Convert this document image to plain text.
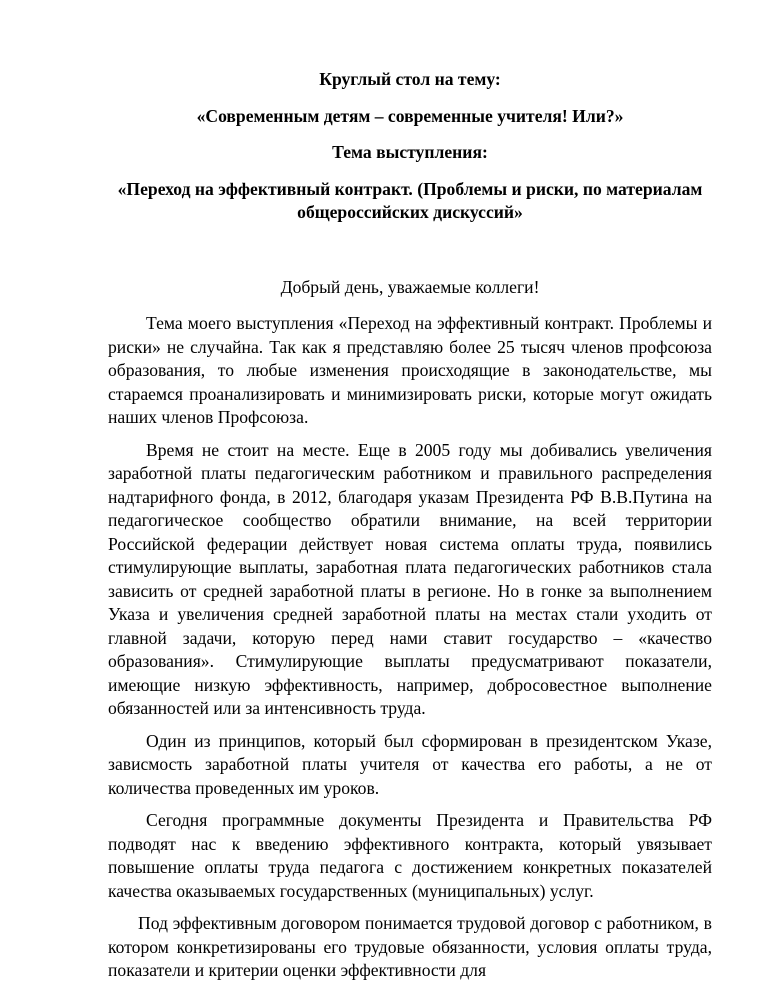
Круглый стол на тему:

«Современным детям – современные учителя! Или?»

Тема выступления:

«Переход на эффективный контракт. (Проблемы и риски, по материалам общероссийских дискуссий»

Добрый день, уважаемые коллеги!

Тема моего выступления «Переход на эффективный контракт. Проблемы и риски» не случайна. Так как я представляю более 25 тысяч членов профсоюза образования, то любые изменения происходящие в законодательстве, мы стараемся проанализировать и минимизировать риски, которые могут ожидать наших членов Профсоюза.

Время не стоит на месте. Еще в 2005 году мы добивались увеличения заработной платы педагогическим работником и правильного распределения надтарифного фонда, в 2012, благодаря указам Президента РФ В.В.Путина на педагогическое сообщество обратили внимание, на всей территории Российской федерации действует новая система оплаты труда, появились стимулирующие выплаты, заработная плата педагогических работников стала зависить от средней заработной платы в регионе. Но в гонке за выполнением Указа и увеличения средней заработной платы на местах стали уходить от главной задачи, которую перед нами ставит государство – «качество образования». Стимулирующие выплаты предусматривают показатели, имеющие низкую эффективность, например, добросовестное выполнение обязанностей или за интенсивность труда.

Один из принципов, который был сформирован в президентском Указе, зависмость заработной платы учителя от качества его работы, а не от количества проведенных им уроков.

Сегодня программные документы Президента и Правительства РФ подводят нас к введению эффективного контракта, который увязывает повышение оплаты труда педагога с достижением конкретных показателей качества оказываемых государственных (муниципальных) услуг.

Под эффективным договором понимается трудовой договор с работником, в котором конкретизированы его трудовые обязанности, условия оплаты труда, показатели и критерии оценки эффективности для
